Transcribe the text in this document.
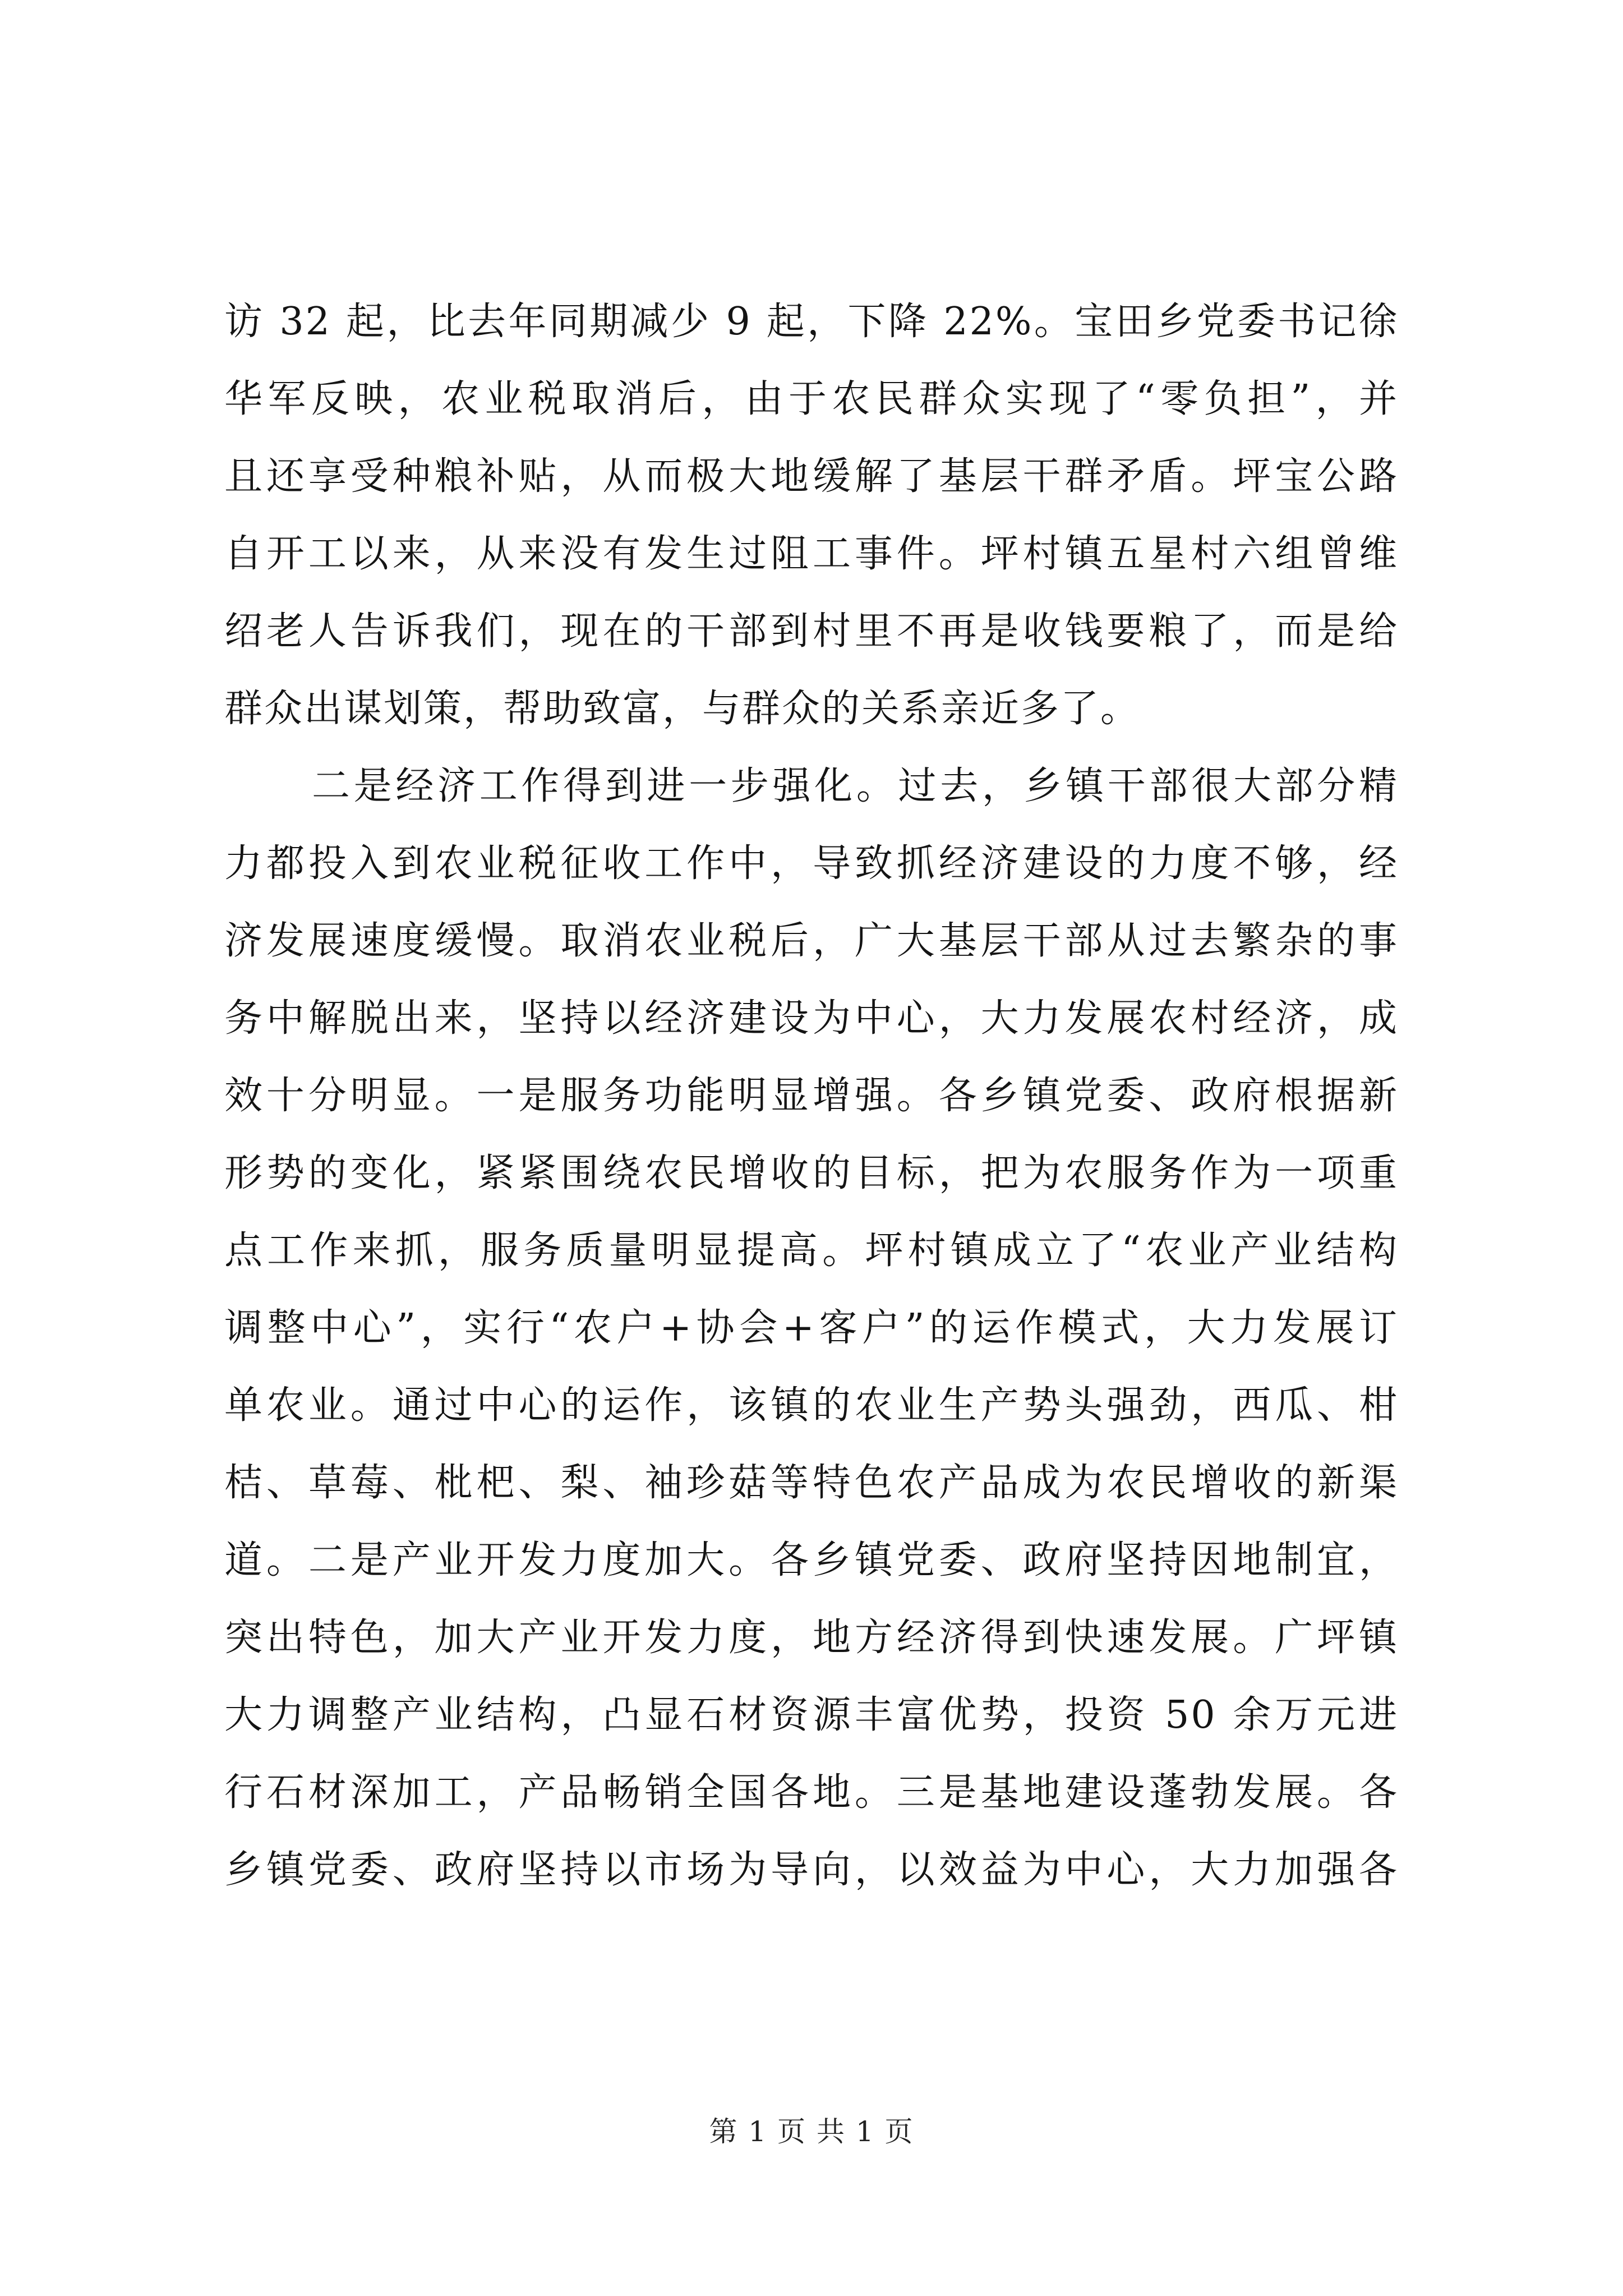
访 32 起，比去年同期减少 9 起，下降 22%。宝田乡党委书记徐
华军反映，农业税取消后，由于农民群众实现了“零负担”，并
且还享受种粮补贴，从而极大地缓解了基层干群矛盾。坪宝公路
自开工以来，从来没有发生过阻工事件。坪村镇五星村六组曾维
绍老人告诉我们，现在的干部到村里不再是收钱要粮了，而是给
群众出谋划策，帮助致富，与群众的关系亲近多了。
二是经济工作得到进一步强化。过去，乡镇干部很大部分精
力都投入到农业税征收工作中，导致抓经济建设的力度不够，经
济发展速度缓慢。取消农业税后，广大基层干部从过去繁杂的事
务中解脱出来，坚持以经济建设为中心，大力发展农村经济，成
效十分明显。一是服务功能明显增强。各乡镇党委、政府根据新
形势的变化，紧紧围绕农民增收的目标，把为农服务作为一项重
点工作来抓，服务质量明显提高。坪村镇成立了“农业产业结构
调整中心”，实行“农户+协会+客户”的运作模式，大力发展订
单农业。通过中心的运作，该镇的农业生产势头强劲，西瓜、柑
桔、草莓、枇杷、梨、袖珍菇等特色农产品成为农民增收的新渠
道。二是产业开发力度加大。各乡镇党委、政府坚持因地制宜，
突出特色，加大产业开发力度，地方经济得到快速发展。广坪镇
大力调整产业结构，凸显石材资源丰富优势，投资 50 余万元进
行石材深加工，产品畅销全国各地。三是基地建设蓬勃发展。各
乡镇党委、政府坚持以市场为导向，以效益为中心，大力加强各
第 1 页 共 1 页
